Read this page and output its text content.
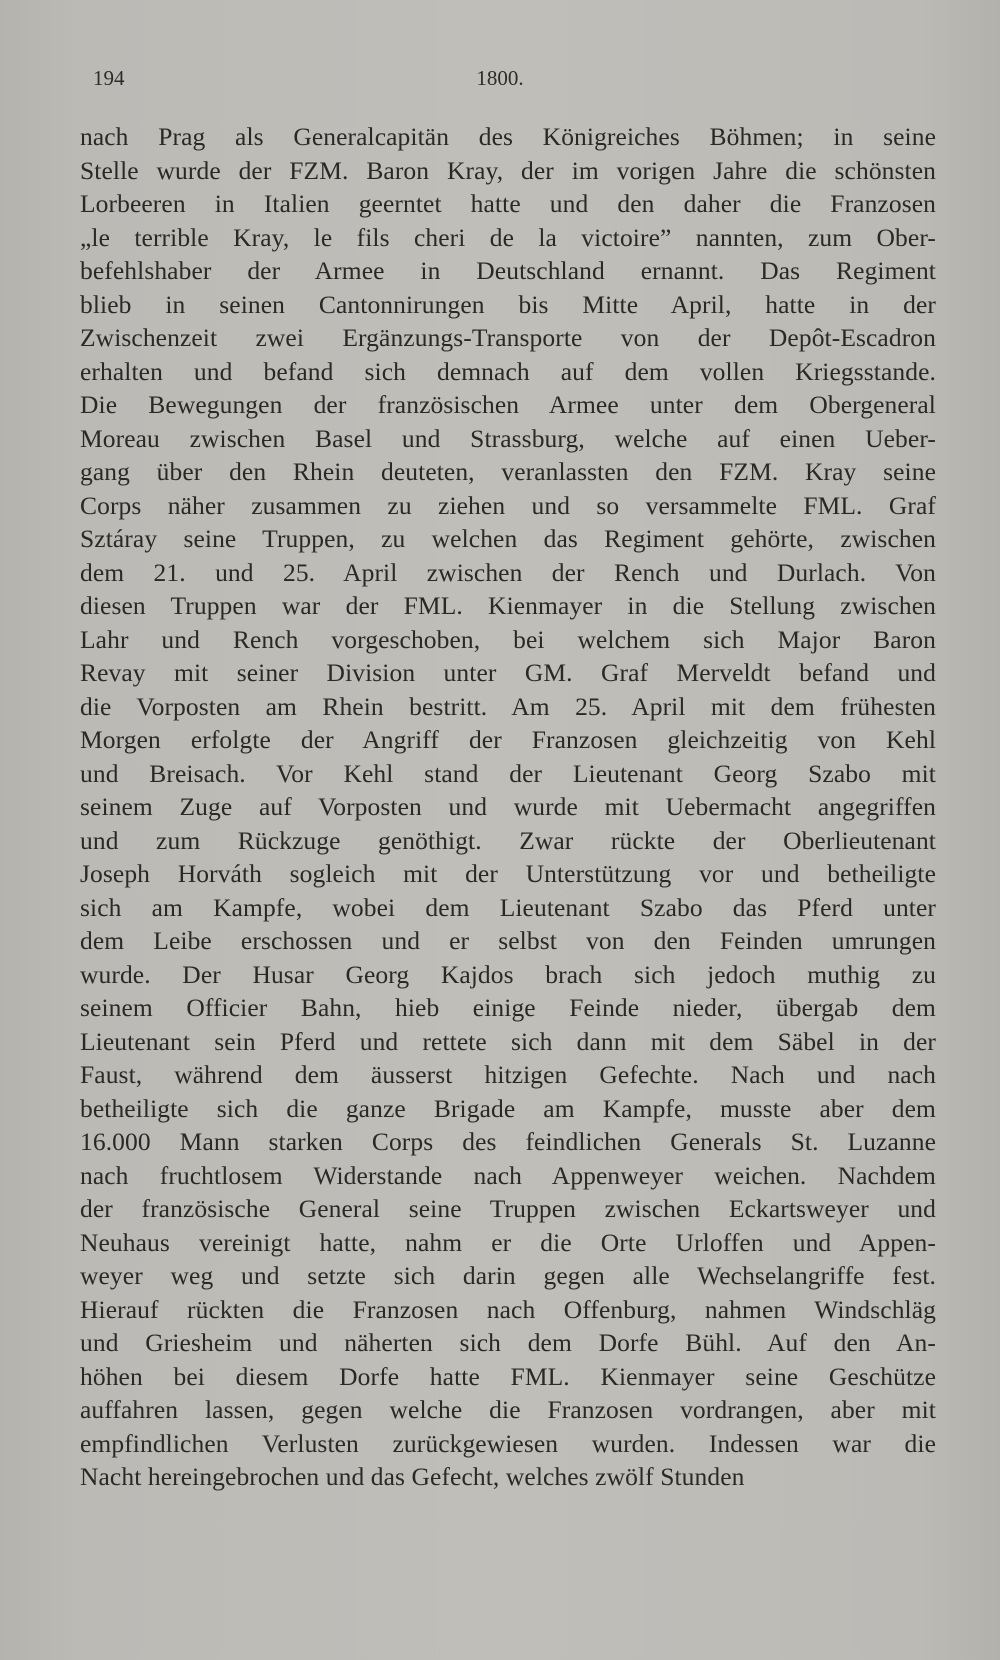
194	1800.
nach Prag als Generalcapitän des Königreiches Böhmen; in seine
Stelle wurde der FZM. Baron Kray, der im vorigen Jahre die schönsten
Lorbeeren in Italien geerntet hatte und den daher die Franzosen
„le terrible Kray, le fils cheri de la victoire” nannten, zum Ober-
befehlshaber der Armee in Deutschland ernannt. Das Regiment
blieb in seinen Cantonnirungen bis Mitte April, hatte in der
Zwischenzeit zwei Ergänzungs-Transporte von der Depôt-Escadron
erhalten und befand sich demnach auf dem vollen Kriegsstande.
Die Bewegungen der französischen Armee unter dem Obergeneral
Moreau zwischen Basel und Strassburg, welche auf einen Ueber-
gang über den Rhein deuteten, veranlassten den FZM. Kray seine
Corps näher zusammen zu ziehen und so versammelte FML. Graf
Sztáray seine Truppen, zu welchen das Regiment gehörte, zwischen
dem 21. und 25. April zwischen der Rench und Durlach. Von
diesen Truppen war der FML. Kienmayer in die Stellung zwischen
Lahr und Rench vorgeschoben, bei welchem sich Major Baron
Revay mit seiner Division unter GM. Graf Merveldt befand und
die Vorposten am Rhein bestritt. Am 25. April mit dem frühesten
Morgen erfolgte der Angriff der Franzosen gleichzeitig von Kehl
und Breisach. Vor Kehl stand der Lieutenant Georg Szabo mit
seinem Zuge auf Vorposten und wurde mit Uebermacht angegriffen
und zum Rückzuge genöthigt. Zwar rückte der Oberlieutenant
Joseph Horváth sogleich mit der Unterstützung vor und betheiligte
sich am Kampfe, wobei dem Lieutenant Szabo das Pferd unter
dem Leibe erschossen und er selbst von den Feinden umrungen
wurde. Der Husar Georg Kajdos brach sich jedoch muthig zu
seinem Officier Bahn, hieb einige Feinde nieder, übergab dem
Lieutenant sein Pferd und rettete sich dann mit dem Säbel in der
Faust, während dem äusserst hitzigen Gefechte. Nach und nach
betheiligte sich die ganze Brigade am Kampfe, musste aber dem
16.000 Mann starken Corps des feindlichen Generals St. Luzanne
nach fruchtlosem Widerstande nach Appenweyer weichen. Nachdem
der französische General seine Truppen zwischen Eckartsweyer und
Neuhaus vereinigt hatte, nahm er die Orte Urloffen und Appen-
weyer weg und setzte sich darin gegen alle Wechselangriffe fest.
Hierauf rückten die Franzosen nach Offenburg, nahmen Windschläg
und Griesheim und näherten sich dem Dorfe Bühl. Auf den An-
höhen bei diesem Dorfe hatte FML. Kienmayer seine Geschütze
auffahren lassen, gegen welche die Franzosen vordrangen, aber mit
empfindlichen Verlusten zurückgewiesen wurden. Indessen war die
Nacht hereingebrochen und das Gefecht, welches zwölf Stunden
